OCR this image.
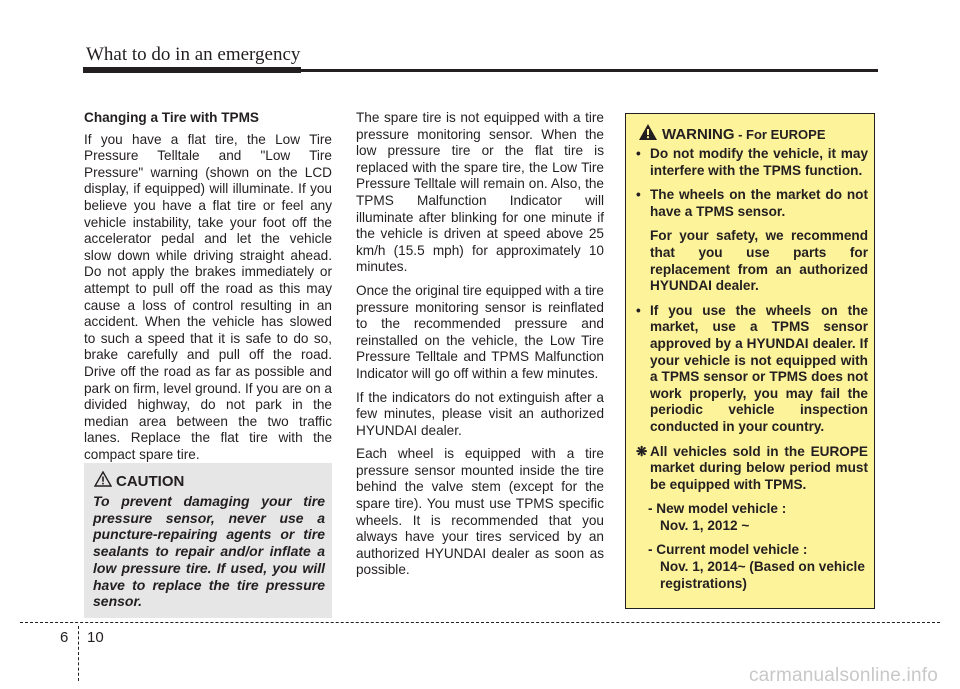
What to do in an emergency

Changing a Tire with TPMS

If you have a flat tire, the Low Tire Pressure Telltale and "Low Tire Pressure" warning (shown on the LCD display, if equipped) will illuminate. If you believe you have a flat tire or feel any vehicle instability, take your foot off the accelerator pedal and let the vehicle slow down while driving straight ahead. Do not apply the brakes immediately or attempt to pull off the road as this may cause a loss of control resulting in an accident. When the vehicle has slowed to such a speed that it is safe to do so, brake carefully and pull off the road. Drive off the road as far as possible and park on firm, level ground. If you are on a divided highway, do not park in the median area between the two traffic lanes. Replace the flat tire with the compact spare tire.

CAUTION
To prevent damaging your tire pressure sensor, never use a puncture-repairing agents or tire sealants to repair and/or inflate a low pressure tire. If used, you will have to replace the tire pressure sensor.

The spare tire is not equipped with a tire pressure monitoring sensor. When the low pressure tire or the flat tire is replaced with the spare tire, the Low Tire Pressure Telltale will remain on. Also, the TPMS Malfunction Indicator will illuminate after blinking for one minute if the vehicle is driven at speed above 25 km/h (15.5 mph) for approximately 10 minutes.

Once the original tire equipped with a tire pressure monitoring sensor is reinflated to the recommended pressure and reinstalled on the vehicle, the Low Tire Pressure Telltale and TPMS Malfunction Indicator will go off within a few minutes.

If the indicators do not extinguish after a few minutes, please visit an authorized HYUNDAI dealer.

Each wheel is equipped with a tire pressure sensor mounted inside the tire behind the valve stem (except for the spare tire). You must use TPMS specific wheels. It is recommended that you always have your tires serviced by an authorized HYUNDAI dealer as soon as possible.

WARNING - For EUROPE
• Do not modify the vehicle, it may interfere with the TPMS function.
• The wheels on the market do not have a TPMS sensor.
For your safety, we recommend that you use parts for replacement from an authorized HYUNDAI dealer.
• If you use the wheels on the market, use a TPMS sensor approved by a HYUNDAI dealer. If your vehicle is not equipped with a TPMS sensor or TPMS does not work properly, you may fail the periodic vehicle inspection conducted in your country.
❋ All vehicles sold in the EUROPE market during below period must be equipped with TPMS.
- New model vehicle :
Nov. 1, 2012 ~
- Current model vehicle :
Nov. 1, 2014~ (Based on vehicle registrations)
6 10
carmanualsonline.info
